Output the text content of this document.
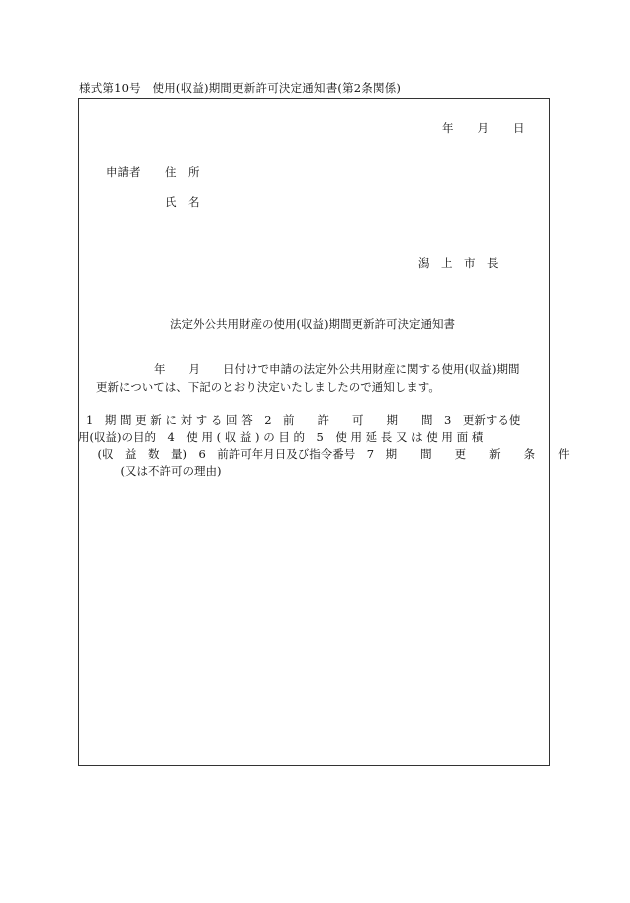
様式第10号　使用(収益)期間更新許可決定通知書(第2条関係)
年 月 日
申請者 住　所
氏　名
潟　上　市　長
法定外公共用財産の使用(収益)期間更新許可決定通知書
年　　月　　日付けで申請の法定外公共用財産に関する使用(収益)期間
更新については、下記のとおり決定いたしましたので通知します。
1　期 間 更 新 に 対 す る 回 答　2　前　　許　　可　　期　　間　3　更新する使
用(収益)の目的　4　使 用 ( 収 益 ) の 目 的　5　使 用 延 長 又 は 使 用 面 積
　(収　益　数　量)　6　前許可年月日及び指令番号　7　期　　間　　更　　新　　条　　件
　　　(又は不許可の理由)
